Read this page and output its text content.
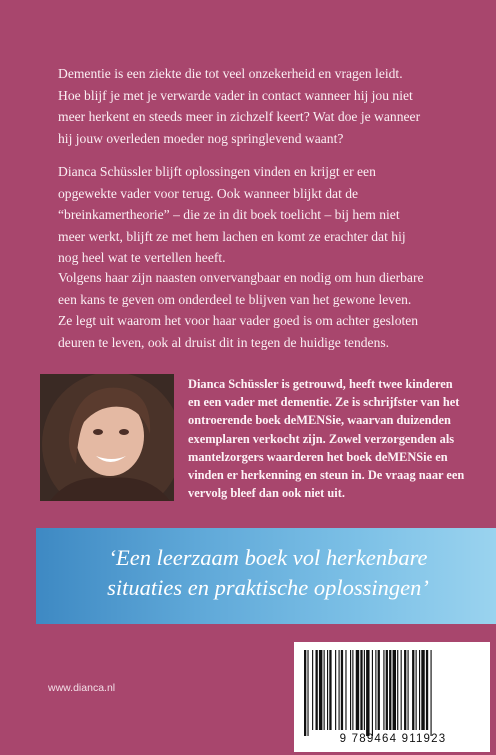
Dementie is een ziekte die tot veel onzekerheid en vragen leidt.
Hoe blijf je met je verwarde vader in contact wanneer hij jou niet
meer herkent en steeds meer in zichzelf keert? Wat doe je wanneer
hij jouw overleden moeder nog springlevend waant?
Dianca Schüssler blijft oplossingen vinden en krijgt er een
opgewekte vader voor terug. Ook wanneer blijkt dat de
“breinkamertheorie” – die ze in dit boek toelicht – bij hem niet
meer werkt, blijft ze met hem lachen en komt ze erachter dat hij
nog heel wat te vertellen heeft.
Volgens haar zijn naasten onvervangbaar en nodig om hun dierbare
een kans te geven om onderdeel te blijven van het gewone leven.
Ze legt uit waarom het voor haar vader goed is om achter gesloten
deuren te leven, ook al druist dit in tegen de huidige tendens.
Dianca Schüssler is getrouwd, heeft twee kinderen
en een vader met dementie. Ze is schrijfster van het
ontroerende boek deMENSie, waarvan duizenden
exemplaren verkocht zijn. Zowel verzorgenden als
mantelzorgers waarderen het boek deMENSie en
vinden er herkenning en steun in. De vraag naar een
vervolg bleef dan ook niet uit.
‘Een leerzaam boek vol herkenbare
situaties en praktische oplossingen’
www.dianca.nl
9 789464 911923
